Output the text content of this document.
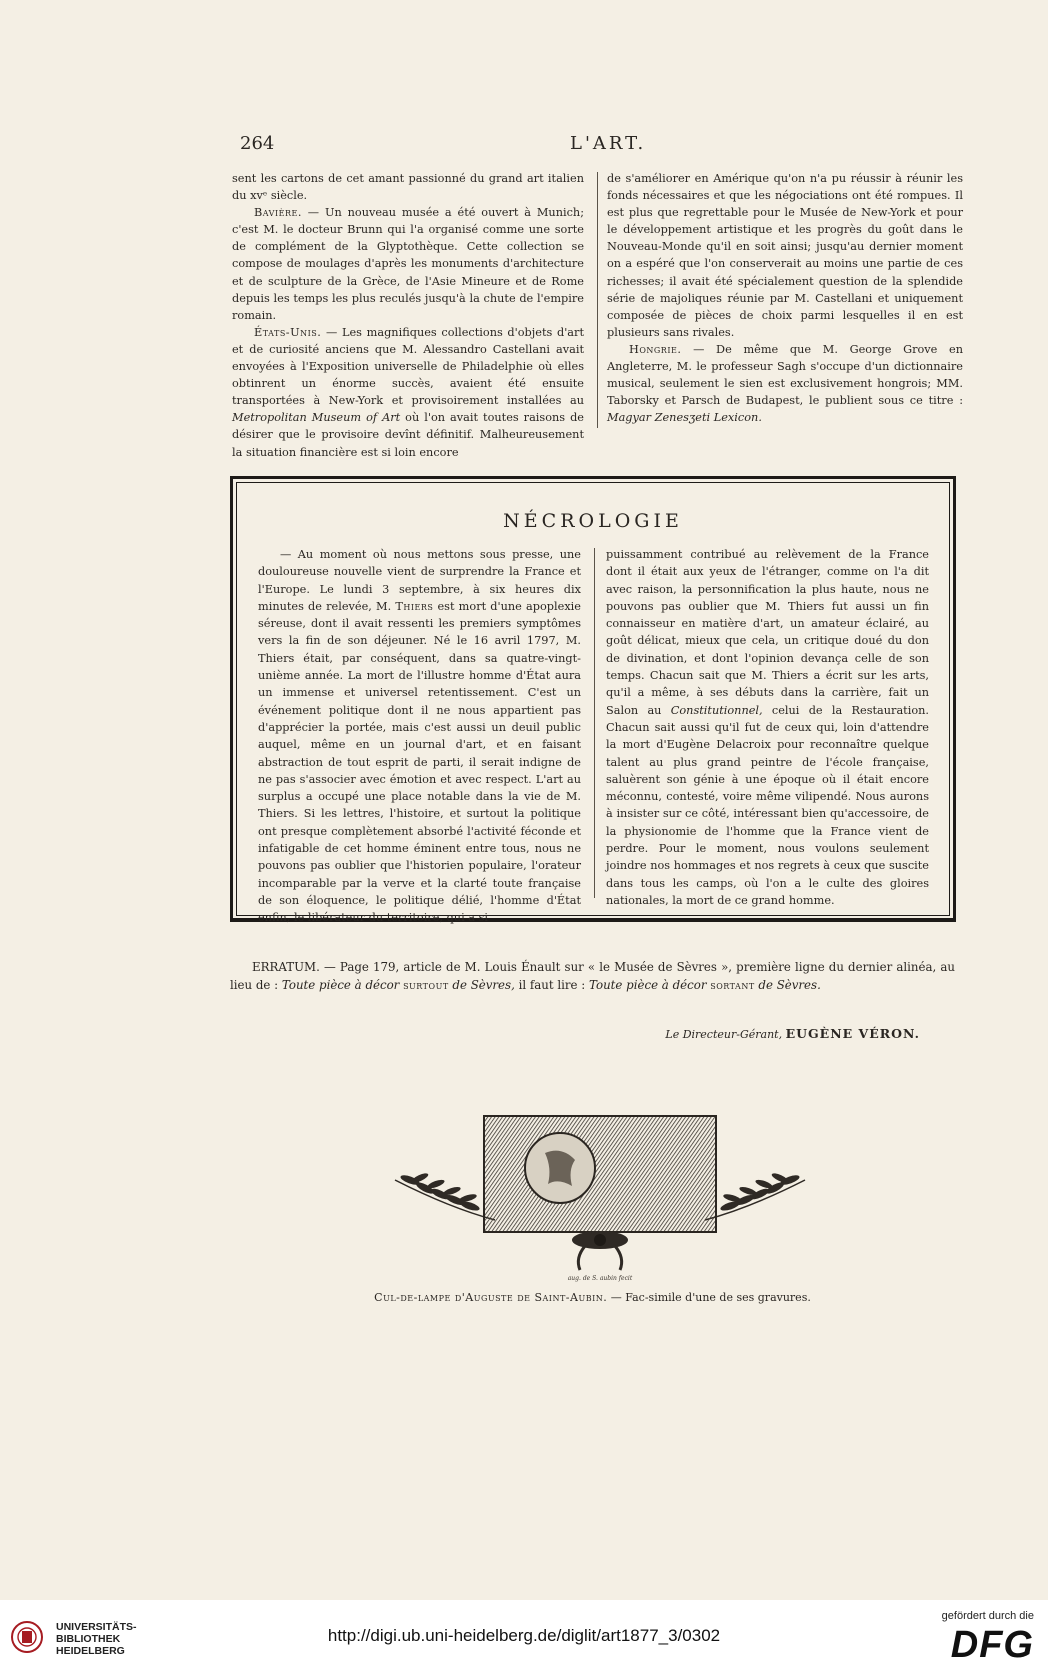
264	L'ART.

sent les cartons de cet amant passionné du grand art italien du xvᵉ siècle.

Bavière. — Un nouveau musée a été ouvert à Munich; c'est M. le docteur Brunn qui l'a organisé comme une sorte de complément de la Glyptothèque. Cette collection se compose de moulages d'après les monuments d'architecture et de sculpture de la Grèce, de l'Asie Mineure et de Rome depuis les temps les plus reculés jusqu'à la chute de l'empire romain.

États-Unis. — Les magnifiques collections d'objets d'art et de curiosité anciens que M. Alessandro Castellani avait envoyées à l'Exposition universelle de Philadelphie où elles obtinrent un énorme succès, avaient été ensuite transportées à New-York et provisoirement installées au Metropolitan Museum of Art où l'on avait toutes raisons de désirer que le provisoire devînt définitif. Malheureusement la situation financière est si loin encore

de s'améliorer en Amérique qu'on n'a pu réussir à réunir les fonds nécessaires et que les négociations ont été rompues. Il est plus que regrettable pour le Musée de New-York et pour le développement artistique et les progrès du goût dans le Nouveau-Monde qu'il en soit ainsi; jusqu'au dernier moment on a espéré que l'on conserverait au moins une partie de ces richesses; il avait été spécialement question de la splendide série de majoliques réunie par M. Castellani et uniquement composée de pièces de choix parmi lesquelles il en est plusieurs sans rivales.

Hongrie. — De même que M. George Grove en Angleterre, M. le professeur Sagh s'occupe d'un dictionnaire musical, seulement le sien est exclusivement hongrois; MM. Taborsky et Parsch de Budapest, le publient sous ce titre : Magyar Zenesʒeti Lexicon.

NÉCROLOGIE

— Au moment où nous mettons sous presse, une douloureuse nouvelle vient de surprendre la France et l'Europe. Le lundi 3 septembre, à six heures dix minutes de relevée, M. Thiers est mort d'une apoplexie séreuse, dont il avait ressenti les premiers symptômes vers la fin de son déjeuner. Né le 16 avril 1797, M. Thiers était, par conséquent, dans sa quatre-vingt-unième année. La mort de l'illustre homme d'État aura un immense et universel retentissement. C'est un événement politique dont il ne nous appartient pas d'apprécier la portée, mais c'est aussi un deuil public auquel, même en un journal d'art, et en faisant abstraction de tout esprit de parti, il serait indigne de ne pas s'associer avec émotion et avec respect. L'art au surplus a occupé une place notable dans la vie de M. Thiers. Si les lettres, l'histoire, et surtout la politique ont presque complètement absorbé l'activité féconde et infatigable de cet homme éminent entre tous, nous ne pouvons pas oublier que l'historien populaire, l'orateur incomparable par la verve et la clarté toute française de son éloquence, le politique délié, l'homme d'État enfin, le libérateur du territoire, qui a si

puissamment contribué au relèvement de la France dont il était aux yeux de l'étranger, comme on l'a dit avec raison, la personnification la plus haute, nous ne pouvons pas oublier que M. Thiers fut aussi un fin connaisseur en matière d'art, un amateur éclairé, au goût délicat, mieux que cela, un critique doué du don de divination, et dont l'opinion devança celle de son temps. Chacun sait que M. Thiers a écrit sur les arts, qu'il a même, à ses débuts dans la carrière, fait un Salon au Constitutionnel, celui de la Restauration. Chacun sait aussi qu'il fut de ceux qui, loin d'attendre la mort d'Eugène Delacroix pour reconnaître quelque talent au plus grand peintre de l'école française, saluèrent son génie à une époque où il était encore méconnu, contesté, voire même vilipendé. Nous aurons à insister sur ce côté, intéressant bien qu'accessoire, de la physionomie de l'homme que la France vient de perdre. Pour le moment, nous voulons seulement joindre nos hommages et nos regrets à ceux que suscite dans tous les camps, où l'on a le culte des gloires nationales, la mort de ce grand homme.

ERRATUM. — Page 179, article de M. Louis Énault sur « le Musée de Sèvres », première ligne du dernier alinéa, au lieu de : Toute pièce à décor surtout de Sèvres, il faut lire : Toute pièce à décor sortant de Sèvres.

Le Directeur-Gérant, EUGÈNE VÉRON.
aug. de S. aubin fecit
Cul-de-lampe d'Auguste de Saint-Aubin. — Fac-simile d'une de ses gravures.
UNIVERSITÄTS-
BIBLIOTHEK
HEIDELBERG
http://digi.ub.uni-heidelberg.de/diglit/art1877_3/0302
gefördert durch die
DFG
